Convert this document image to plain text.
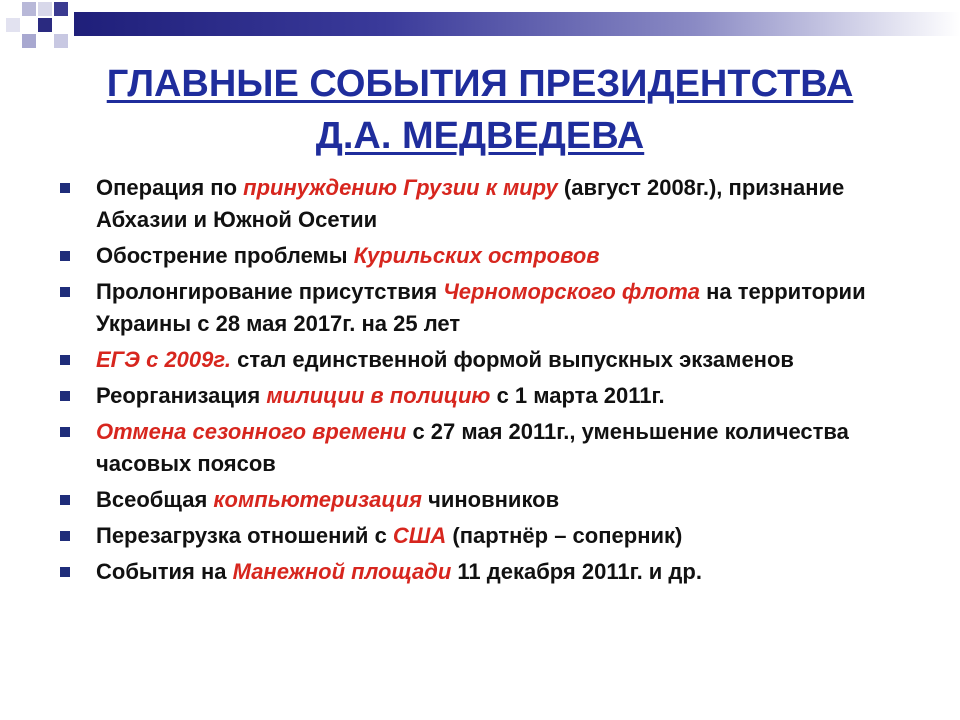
ГЛАВНЫЕ СОБЫТИЯ ПРЕЗИДЕНТСТВА
Д.А. МЕДВЕДЕВА
Операция по принуждению Грузии к миру (август 2008г.), признание Абхазии и Южной Осетии
Обострение проблемы Курильских островов
Пролонгирование присутствия Черноморского флота на территории Украины с 28 мая 2017г. на 25 лет
ЕГЭ с 2009г. стал единственной формой выпускных экзаменов
Реорганизация милиции в полицию с 1 марта 2011г.
Отмена сезонного времени с 27 мая 2011г., уменьшение количества часовых поясов
Всеобщая компьютеризация чиновников
Перезагрузка отношений с США (партнёр – соперник)
События на Манежной площади 11 декабря 2011г. и др.
